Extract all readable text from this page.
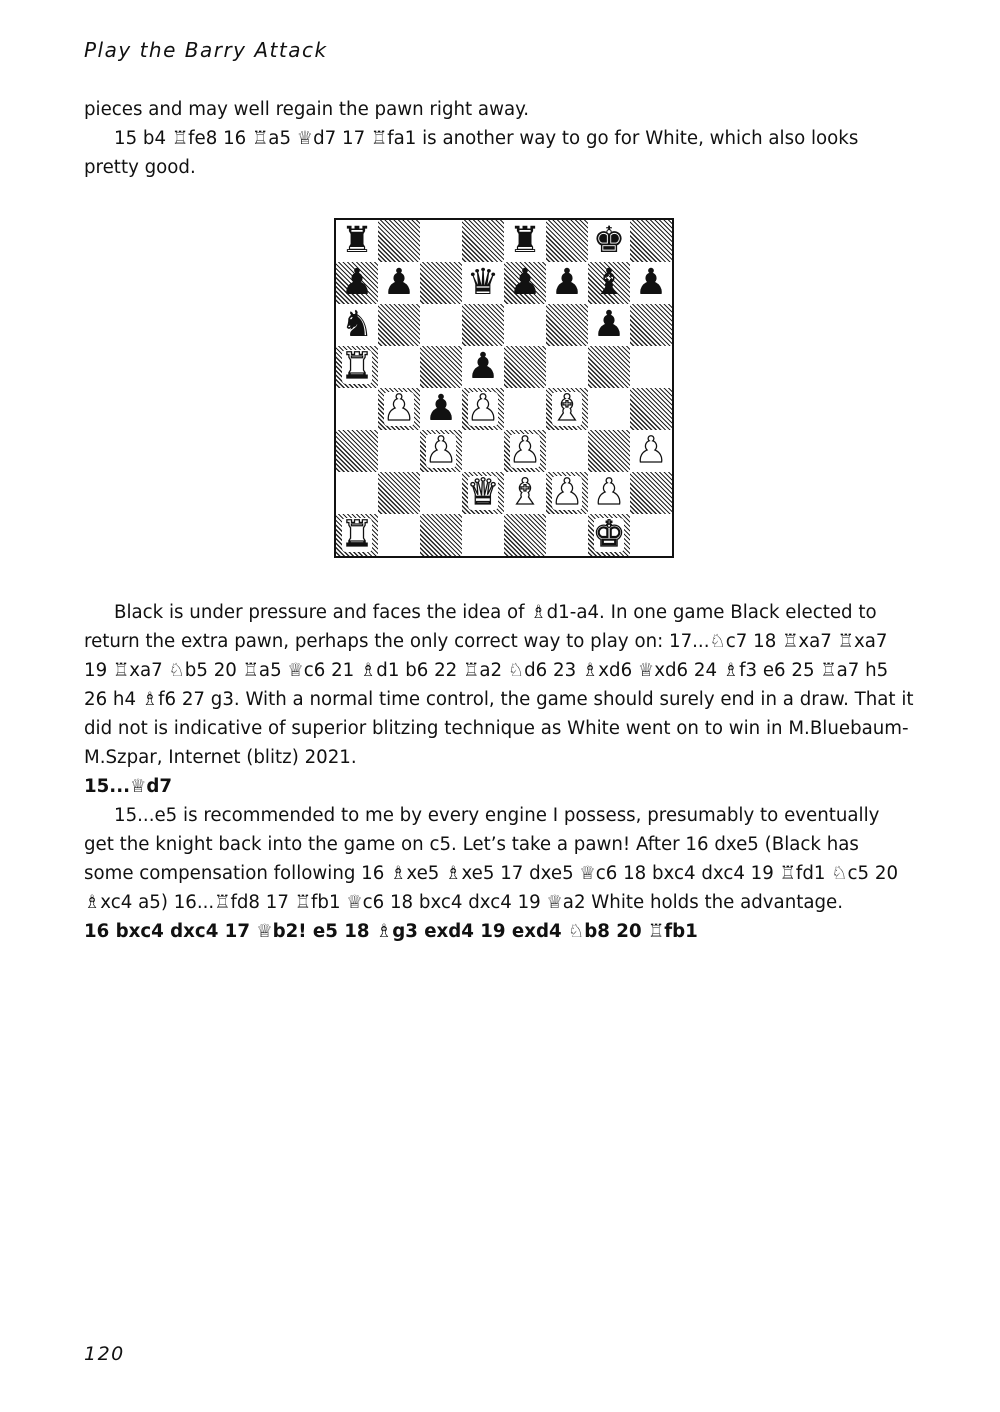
Play the Barry Attack

pieces and may well regain the pawn right away.

15 b4 ♖fe8 16 ♖a5 ♕d7 17 ♖fa1 is another way to go for White, which also looks pretty good.

♜	♜ ♚
♟ ♟ ♛ ♟ ♟ ♝ ♟
♞	♟
♜	♟
♟ ♟ ♟ ♝
♟ ♟	♟
♛ ♝ ♟ ♟
♜	♚

Black is under pressure and faces the idea of ♗d1-a4. In one game Black elected to return the extra pawn, perhaps the only correct way to play on: 17...♘c7 18 ♖xa7 ♖xa7 19 ♖xa7 ♘b5 20 ♖a5 ♕c6 21 ♗d1 b6 22 ♖a2 ♘d6 23 ♗xd6 ♕xd6 24 ♗f3 e6 25 ♖a7 h5 26 h4 ♗f6 27 g3. With a normal time control, the game should surely end in a draw. That it did not is indicative of superior blitzing technique as White went on to win in M.Bluebaum-M.Szpar, Internet (blitz) 2021.

15...♕d7

15...e5 is recommended to me by every engine I possess, presumably to eventually get the knight back into the game on c5. Let’s take a pawn! After 16 dxe5 (Black has some compensation following 16 ♗xe5 ♗xe5 17 dxe5 ♕c6 18 bxc4 dxc4 19 ♖fd1 ♘c5 20 ♗xc4 a5) 16...♖fd8 17 ♖fb1 ♕c6 18 bxc4 dxc4 19 ♕a2 White holds the advantage.

16 bxc4 dxc4 17 ♕b2! e5 18 ♗g3 exd4 19 exd4 ♘b8 20 ♖fb1

120
